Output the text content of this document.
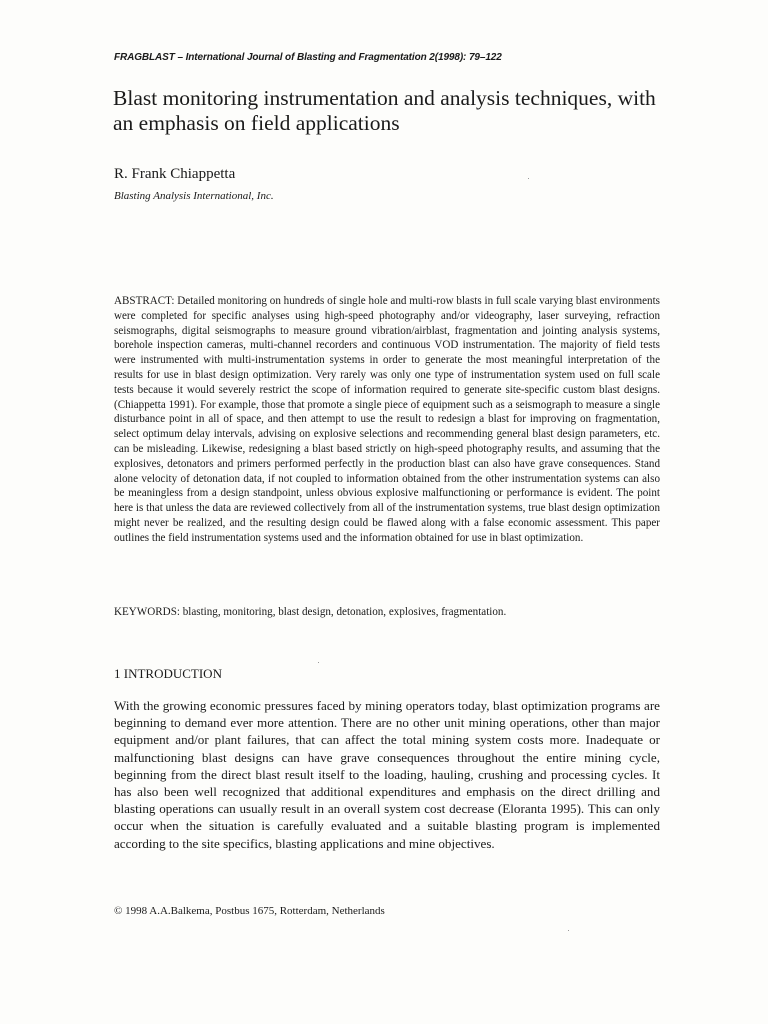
FRAGBLAST – International Journal of Blasting and Fragmentation 2(1998): 79–122
Blast monitoring instrumentation and analysis techniques, with an emphasis on field applications
R. Frank Chiappetta
Blasting Analysis International, Inc.

ABSTRACT: Detailed monitoring on hundreds of single hole and multi-row blasts in full scale varying blast environments were completed for specific analyses using high-speed photography and/or videography, laser surveying, refraction seismographs, digital seismographs to measure ground vibration/airblast, fragmentation and jointing analysis systems, borehole inspection cameras, multi-channel recorders and continuous VOD instrumentation. The majority of field tests were instrumented with multi-instrumentation systems in order to generate the most meaningful interpretation of the results for use in blast design optimization. Very rarely was only one type of instrumentation system used on full scale tests because it would severely restrict the scope of information required to generate site-specific custom blast designs. (Chiappetta 1991). For example, those that promote a single piece of equipment such as a seismograph to measure a single disturbance point in all of space, and then attempt to use the result to redesign a blast for improving on fragmentation, select optimum delay intervals, advising on explosive selections and recommending general blast design parameters, etc. can be misleading. Likewise, redesigning a blast based strictly on high-speed photography results, and assuming that the explosives, detonators and primers performed perfectly in the production blast can also have grave consequences. Stand alone velocity of detonation data, if not coupled to information obtained from the other instrumentation systems can also be meaningless from a design standpoint, unless obvious explosive malfunctioning or performance is evident. The point here is that unless the data are reviewed collectively from all of the instrumentation systems, true blast design optimization might never be realized, and the resulting design could be flawed along with a false economic assessment. This paper outlines the field instrumentation systems used and the information obtained for use in blast optimization.

KEYWORDS: blasting, monitoring, blast design, detonation, explosives, fragmentation.

1 INTRODUCTION

With the growing economic pressures faced by mining operators today, blast optimization programs are beginning to demand ever more attention. There are no other unit mining operations, other than major equipment and/or plant failures, that can affect the total mining system costs more. Inadequate or malfunctioning blast designs can have grave consequences throughout the entire mining cycle, beginning from the direct blast result itself to the loading, hauling, crushing and processing cycles. It has also been well recognized that additional expenditures and emphasis on the direct drilling and blasting operations can usually result in an overall system cost decrease (Eloranta 1995). This can only occur when the situation is carefully evaluated and a suitable blasting program is implemented according to the site specifics, blasting applications and mine objectives.

© 1998 A.A.Balkema, Postbus 1675, Rotterdam, Netherlands
